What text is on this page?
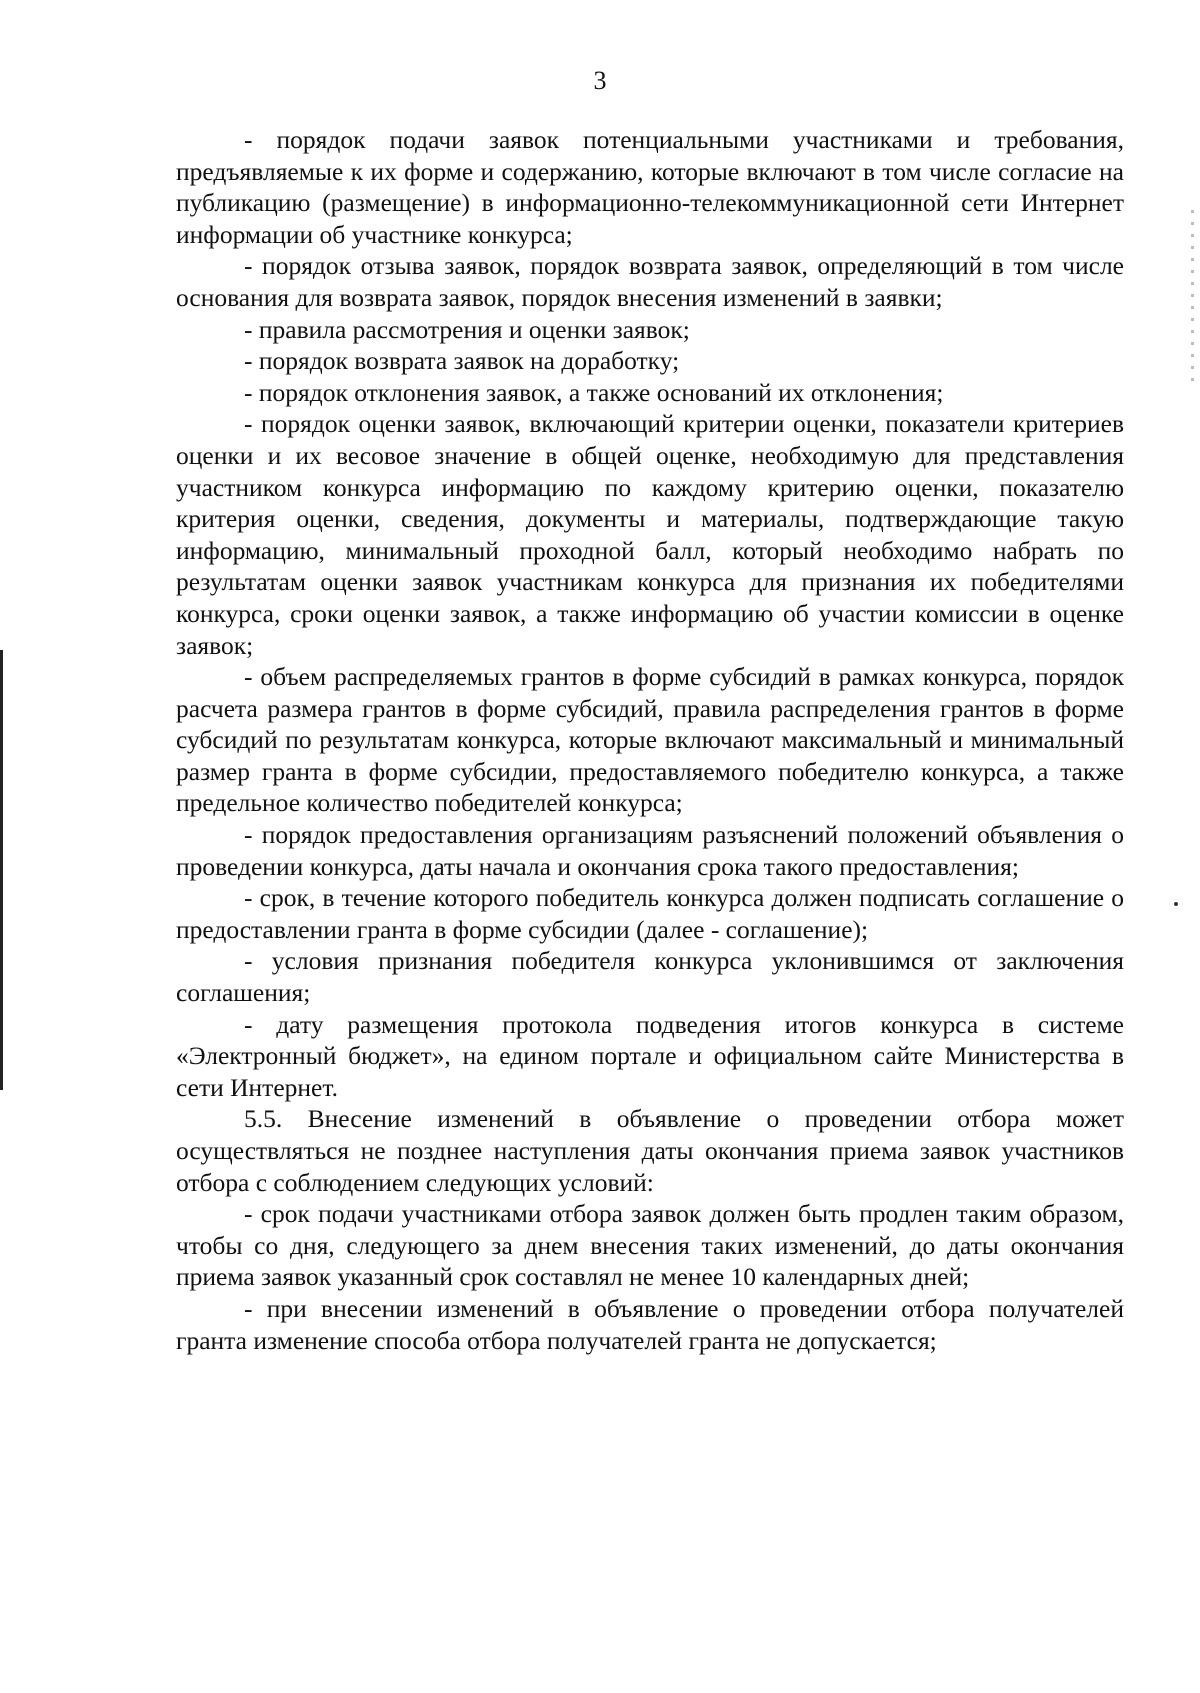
3

- порядок подачи заявок потенциальными участниками и требования, предъявляемые к их форме и содержанию, которые включают в том числе согласие на публикацию (размещение) в информационно-телекоммуникационной сети Интернет информации об участнике конкурса;

- порядок отзыва заявок, порядок возврата заявок, определяющий в том числе основания для возврата заявок, порядок внесения изменений в заявки;

- правила рассмотрения и оценки заявок;

- порядок возврата заявок на доработку;

- порядок отклонения заявок, а также оснований их отклонения;

- порядок оценки заявок, включающий критерии оценки, показатели критериев оценки и их весовое значение в общей оценке, необходимую для представления участником конкурса информацию по каждому критерию оценки, показателю критерия оценки, сведения, документы и материалы, подтверждающие такую информацию, минимальный проходной балл, который необходимо набрать по результатам оценки заявок участникам конкурса для признания их победителями конкурса, сроки оценки заявок, а также информацию об участии комиссии в оценке заявок;

- объем распределяемых грантов в форме субсидий в рамках конкурса, порядок расчета размера грантов в форме субсидий, правила распределения грантов в форме субсидий по результатам конкурса, которые включают максимальный и минимальный размер гранта в форме субсидии, предоставляемого победителю конкурса, а также предельное количество победителей конкурса;

- порядок предоставления организациям разъяснений положений объявления о проведении конкурса, даты начала и окончания срока такого предоставления;

- срок, в течение которого победитель конкурса должен подписать соглашение о предоставлении гранта в форме субсидии (далее - соглашение);

- условия признания победителя конкурса уклонившимся от заключения соглашения;

- дату размещения протокола подведения итогов конкурса в системе «Электронный бюджет», на едином портале и официальном сайте Министерства в сети Интернет.

5.5. Внесение изменений в объявление о проведении отбора может осуществляться не позднее наступления даты окончания приема заявок участников отбора с соблюдением следующих условий:

- срок подачи участниками отбора заявок должен быть продлен таким образом, чтобы со дня, следующего за днем внесения таких изменений, до даты окончания приема заявок указанный срок составлял не менее 10 календарных дней;

- при внесении изменений в объявление о проведении отбора получателей гранта изменение способа отбора получателей гранта не допускается;
